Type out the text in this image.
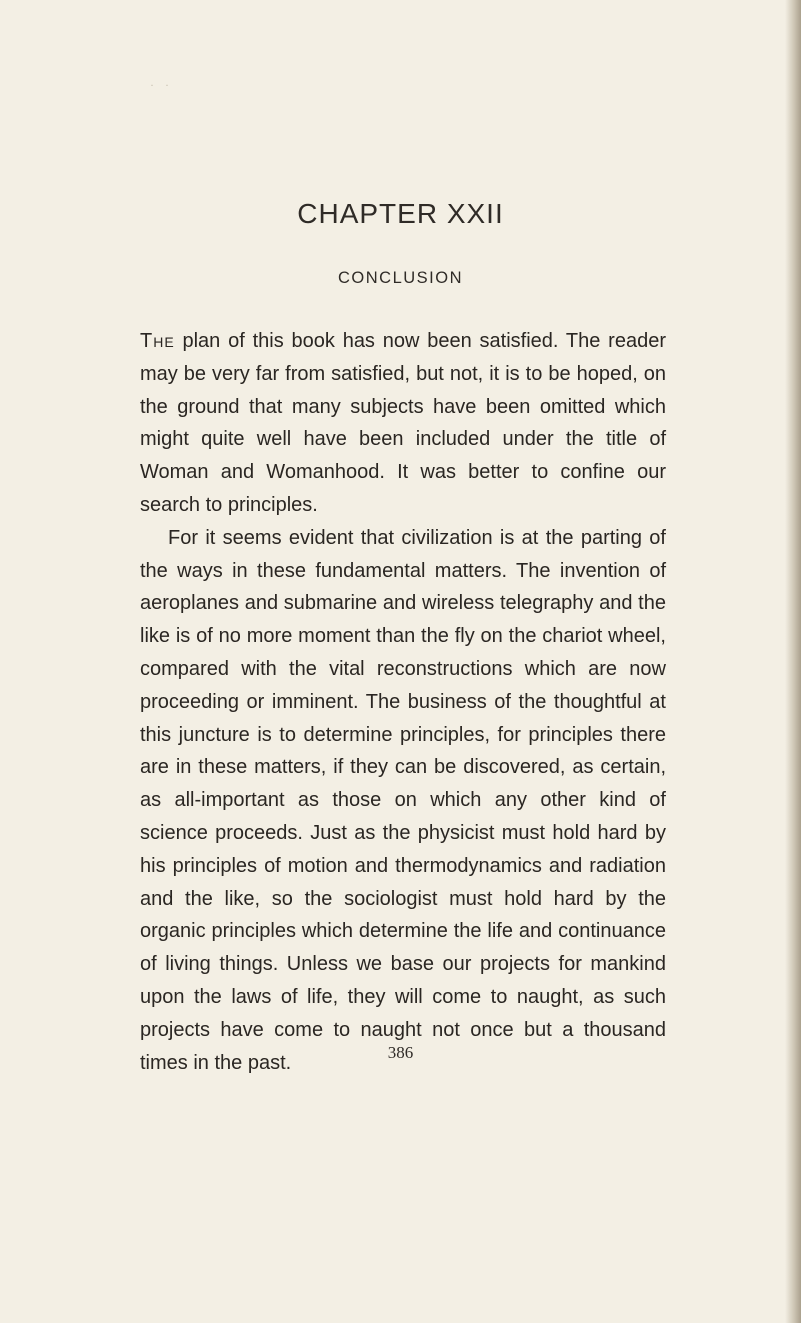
· ·
CHAPTER XXII
CONCLUSION

The plan of this book has now been satisfied. The reader may be very far from satisfied, but not, it is to be hoped, on the ground that many subjects have been omitted which might quite well have been included under the title of Woman and Womanhood. It was better to confine our search to principles.

For it seems evident that civilization is at the parting of the ways in these fundamental matters. The invention of aeroplanes and submarine and wireless telegraphy and the like is of no more moment than the fly on the chariot wheel, compared with the vital reconstructions which are now proceeding or imminent. The business of the thoughtful at this juncture is to determine principles, for principles there are in these matters, if they can be discovered, as certain, as all-important as those on which any other kind of science proceeds. Just as the physicist must hold hard by his principles of motion and thermodynamics and radiation and the like, so the sociologist must hold hard by the organic principles which determine the life and continuance of living things. Unless we base our projects for mankind upon the laws of life, they will come to naught, as such projects have come to naught not once but a thousand times in the past.	386
